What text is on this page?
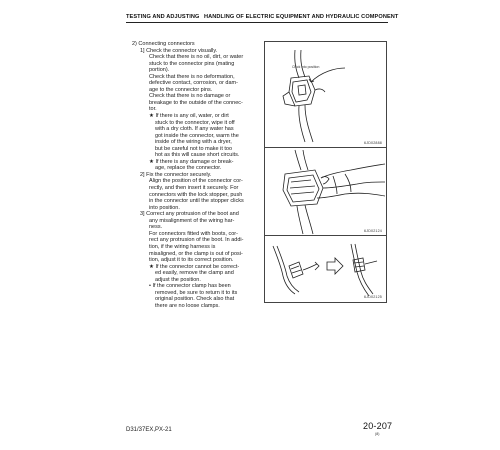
TESTING AND ADJUSTING HANDLING OF ELECTRIC EQUIPMENT AND HYDRAULIC COMPONENT
2) Connecting connectors
1] Check the connector visually.
Check that there is no oil, dirt, or water
stuck to the connector pins (mating
portion).
Check that there is no deformation,
defective contact, corrosion, or dam-
age to the connector pins.
Check that there is no damage or
breakage to the outside of the connec-
tor.
★ If there is any oil, water, or dirt
stuck to the connector, wipe it off
with a dry cloth. If any water has
got inside the connector, warm the
inside of the wiring with a dryer,
but be careful not to make it too
hot as this will cause short circuits.
★ If there is any damage or break-
age, replace the connector.
2] Fix the connector securely.
Align the position of the connector cor-
rectly, and then insert it securely. For
connectors with the lock stopper, push
in the connector until the stopper clicks
into position.
3] Correct any protrusion of the boot and
any misalignment of the wiring har-
ness.
For connectors fitted with boots, cor-
rect any protrusion of the boot. In addi-
tion, if the wiring harness is
misaligned, or the clamp is out of posi-
tion, adjust it to its correct position.
★ If the connector cannot be correct-
ed easily, remove the clamp and
adjust the position.
• If the connector clamp has been
removed, be sure to return it to its
original position. Check also that
there are no loose clamps.
Cl ick into position
6JD02888
6JD02124
6JD02125
D31/37EX,PX-21	20-207
(8)
